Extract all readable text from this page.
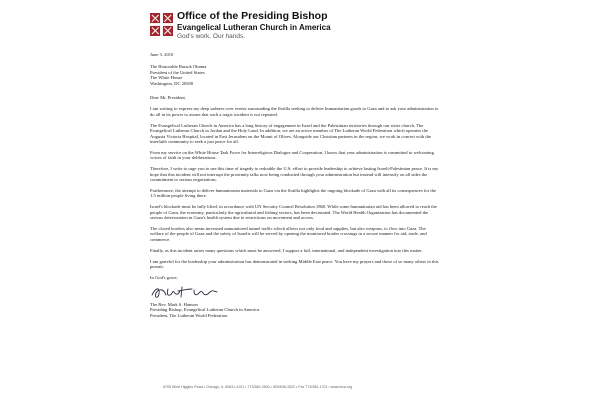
Office of the Presiding Bishop
Evangelical Lutheran Church in America
God's work. Our hands.
June 3, 2010
The Honorable Barack Obama
President of the United States
The White House
Washington, DC 20500
Dear Mr. President,

I am writing to express my deep sadness over events surrounding the flotilla seeking to deliver humanitarian goods to Gaza and to ask your administration to do all in its power to assure that such a tragic incident is not repeated.

The Evangelical Lutheran Church in America has a long history of engagement in Israel and the Palestinian territories through our sister church, The Evangelical Lutheran Church in Jordan and the Holy Land. In addition, we are an active member of The Lutheran World Federation which operates the Augusta Victoria Hospital, located in East Jerusalem on the Mount of Olives. Alongside our Christian partners in the region, we work in concert with the interfaith community to seek a just peace for all.

From my service on the White House Task Force for Interreligious Dialogue and Cooperation, I know that your administration is committed to welcoming voices of faith in your deliberations.

Therefore, I write to urge you to use this time of tragedy to redouble the U.S. effort to provide leadership to achieve lasting Israeli-Palestinian peace. It is my hope that this incident will not interrupt the proximity talks now being conducted through your administration but instead will intensify on all sides the commitment to serious negotiations.

Furthermore, the attempt to deliver humanitarian materials to Gaza via the flotilla highlights the ongoing blockade of Gaza with all its consequences for the 1.5 million people living there.

Israel's blockade must be fully lifted, in accordance with UN Security Council Resolution 1860. While some humanitarian aid has been allowed to reach the people of Gaza, the economy, particularly the agricultural and fishing sectors, has been devastated. The World Health Organization has documented the serious deterioration in Gaza's health system due to restrictions on movement and access.

The closed borders also mean increased unmonitored tunnel traffic which allows not only food and supplies, but also weapons, to flow into Gaza. The welfare of the people of Gaza and the safety of Israelis will be served by opening the monitored border crossings in a secure manner for aid, trade, and commerce.

Finally, as this incident raises many questions which must be answered, I support a full, international, and independent investigation into this matter.

I am grateful for the leadership your administration has demonstrated in seeking Middle East peace. You have my prayers and those of so many others in this pursuit.

In God's grace,
The Rev. Mark S. Hanson
Presiding Bishop, Evangelical Lutheran Church in America
President, The Lutheran World Federation
8765 West Higgins Road • Chicago, IL 60631-4101 • 773/380-2600 • 800/638-3522 • Fax 773/380-1701 • www.elca.org
